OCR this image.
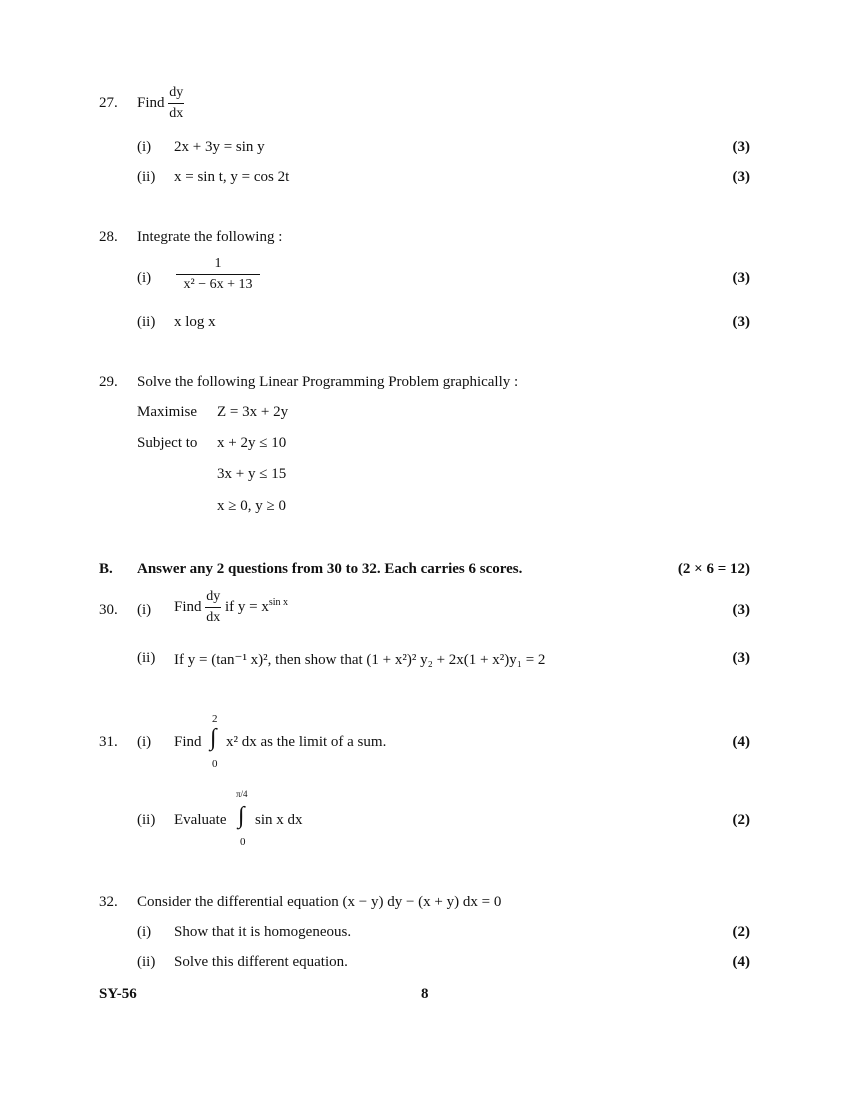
27. Find $\frac{dy}{dx}$
(i) 2x + 3y = sin y	(3)
(ii) x = sin t, y = cos 2t	(3)
28. Integrate the following :
$(i) \frac{1}{\text{x² − 6x + 13}}$	(3)
(ii) x log x	(3)
29. Solve the following Linear Programming Problem graphically :
Maximise Z = 3x + 2y
Subject to x + 2y ≤ 10
3x + y ≤ 15
x ≥ 0, y ≥ 0
B. Answer any 2 questions from 30 to 32. Each carries 6 scores.	(2 × 6 = 12)
30. (i) Find $\frac{dy}{dx}$ if $y = x^{sin x}$	(3)
(ii) If y = (tan⁻¹ x)², then show that (1 + x²)² y₂ + 2x(1 + x²)y₁ = 2	(3)
31. (i) Find
2
∫
0
x² dx as the limit of a sum.	(4)
(ii) Evaluate
π/4
∫
0
sin x dx	(2)
32. Consider the differential equation (x − y) dy − (x + y) dx = 0
(i) Show that it is homogeneous.	(2)
(ii) Solve this different equation.	(4)
SY-56	8
